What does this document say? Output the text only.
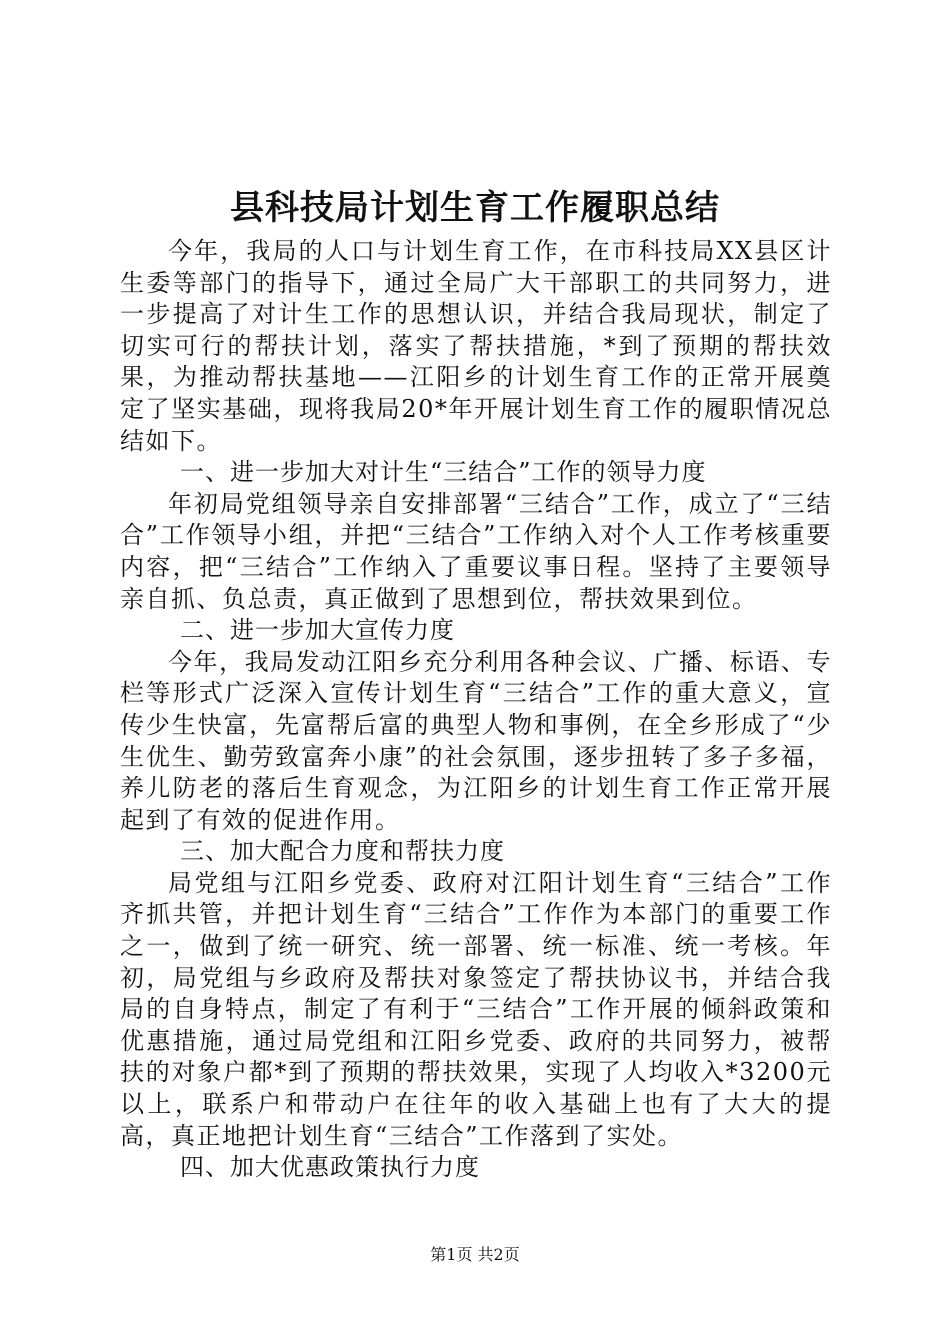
县科技局计划生育工作履职总结

今年，我局的人口与计划生育工作，在市科技局XX县区计生委等部门的指导下，通过全局广大干部职工的共同努力，进一步提高了对计生工作的思想认识，并结合我局现状，制定了切实可行的帮扶计划，落实了帮扶措施，*到了预期的帮扶效果，为推动帮扶基地——江阳乡的计划生育工作的正常开展奠定了坚实基础，现将我局20*年开展计划生育工作的履职情况总结如下。

一、进一步加大对计生“三结合”工作的领导力度

年初局党组领导亲自安排部署“三结合”工作，成立了“三结合”工作领导小组，并把“三结合”工作纳入对个人工作考核重要内容，把“三结合”工作纳入了重要议事日程。坚持了主要领导亲自抓、负总责，真正做到了思想到位，帮扶效果到位。

二、进一步加大宣传力度

今年，我局发动江阳乡充分利用各种会议、广播、标语、专栏等形式广泛深入宣传计划生育“三结合”工作的重大意义，宣传少生快富，先富帮后富的典型人物和事例，在全乡形成了“少生优生、勤劳致富奔小康”的社会氛围，逐步扭转了多子多福，养儿防老的落后生育观念，为江阳乡的计划生育工作正常开展起到了有效的促进作用。

三、加大配合力度和帮扶力度

局党组与江阳乡党委、政府对江阳计划生育“三结合”工作齐抓共管，并把计划生育“三结合”工作作为本部门的重要工作之一，做到了统一研究、统一部署、统一标准、统一考核。年初，局党组与乡政府及帮扶对象签定了帮扶协议书，并结合我局的自身特点，制定了有利于“三结合”工作开展的倾斜政策和优惠措施，通过局党组和江阳乡党委、政府的共同努力，被帮扶的对象户都*到了预期的帮扶效果，实现了人均收入*3200元以上，联系户和带动户在往年的收入基础上也有了大大的提高，真正地把计划生育“三结合”工作落到了实处。

四、加大优惠政策执行力度

第1页 共2页
